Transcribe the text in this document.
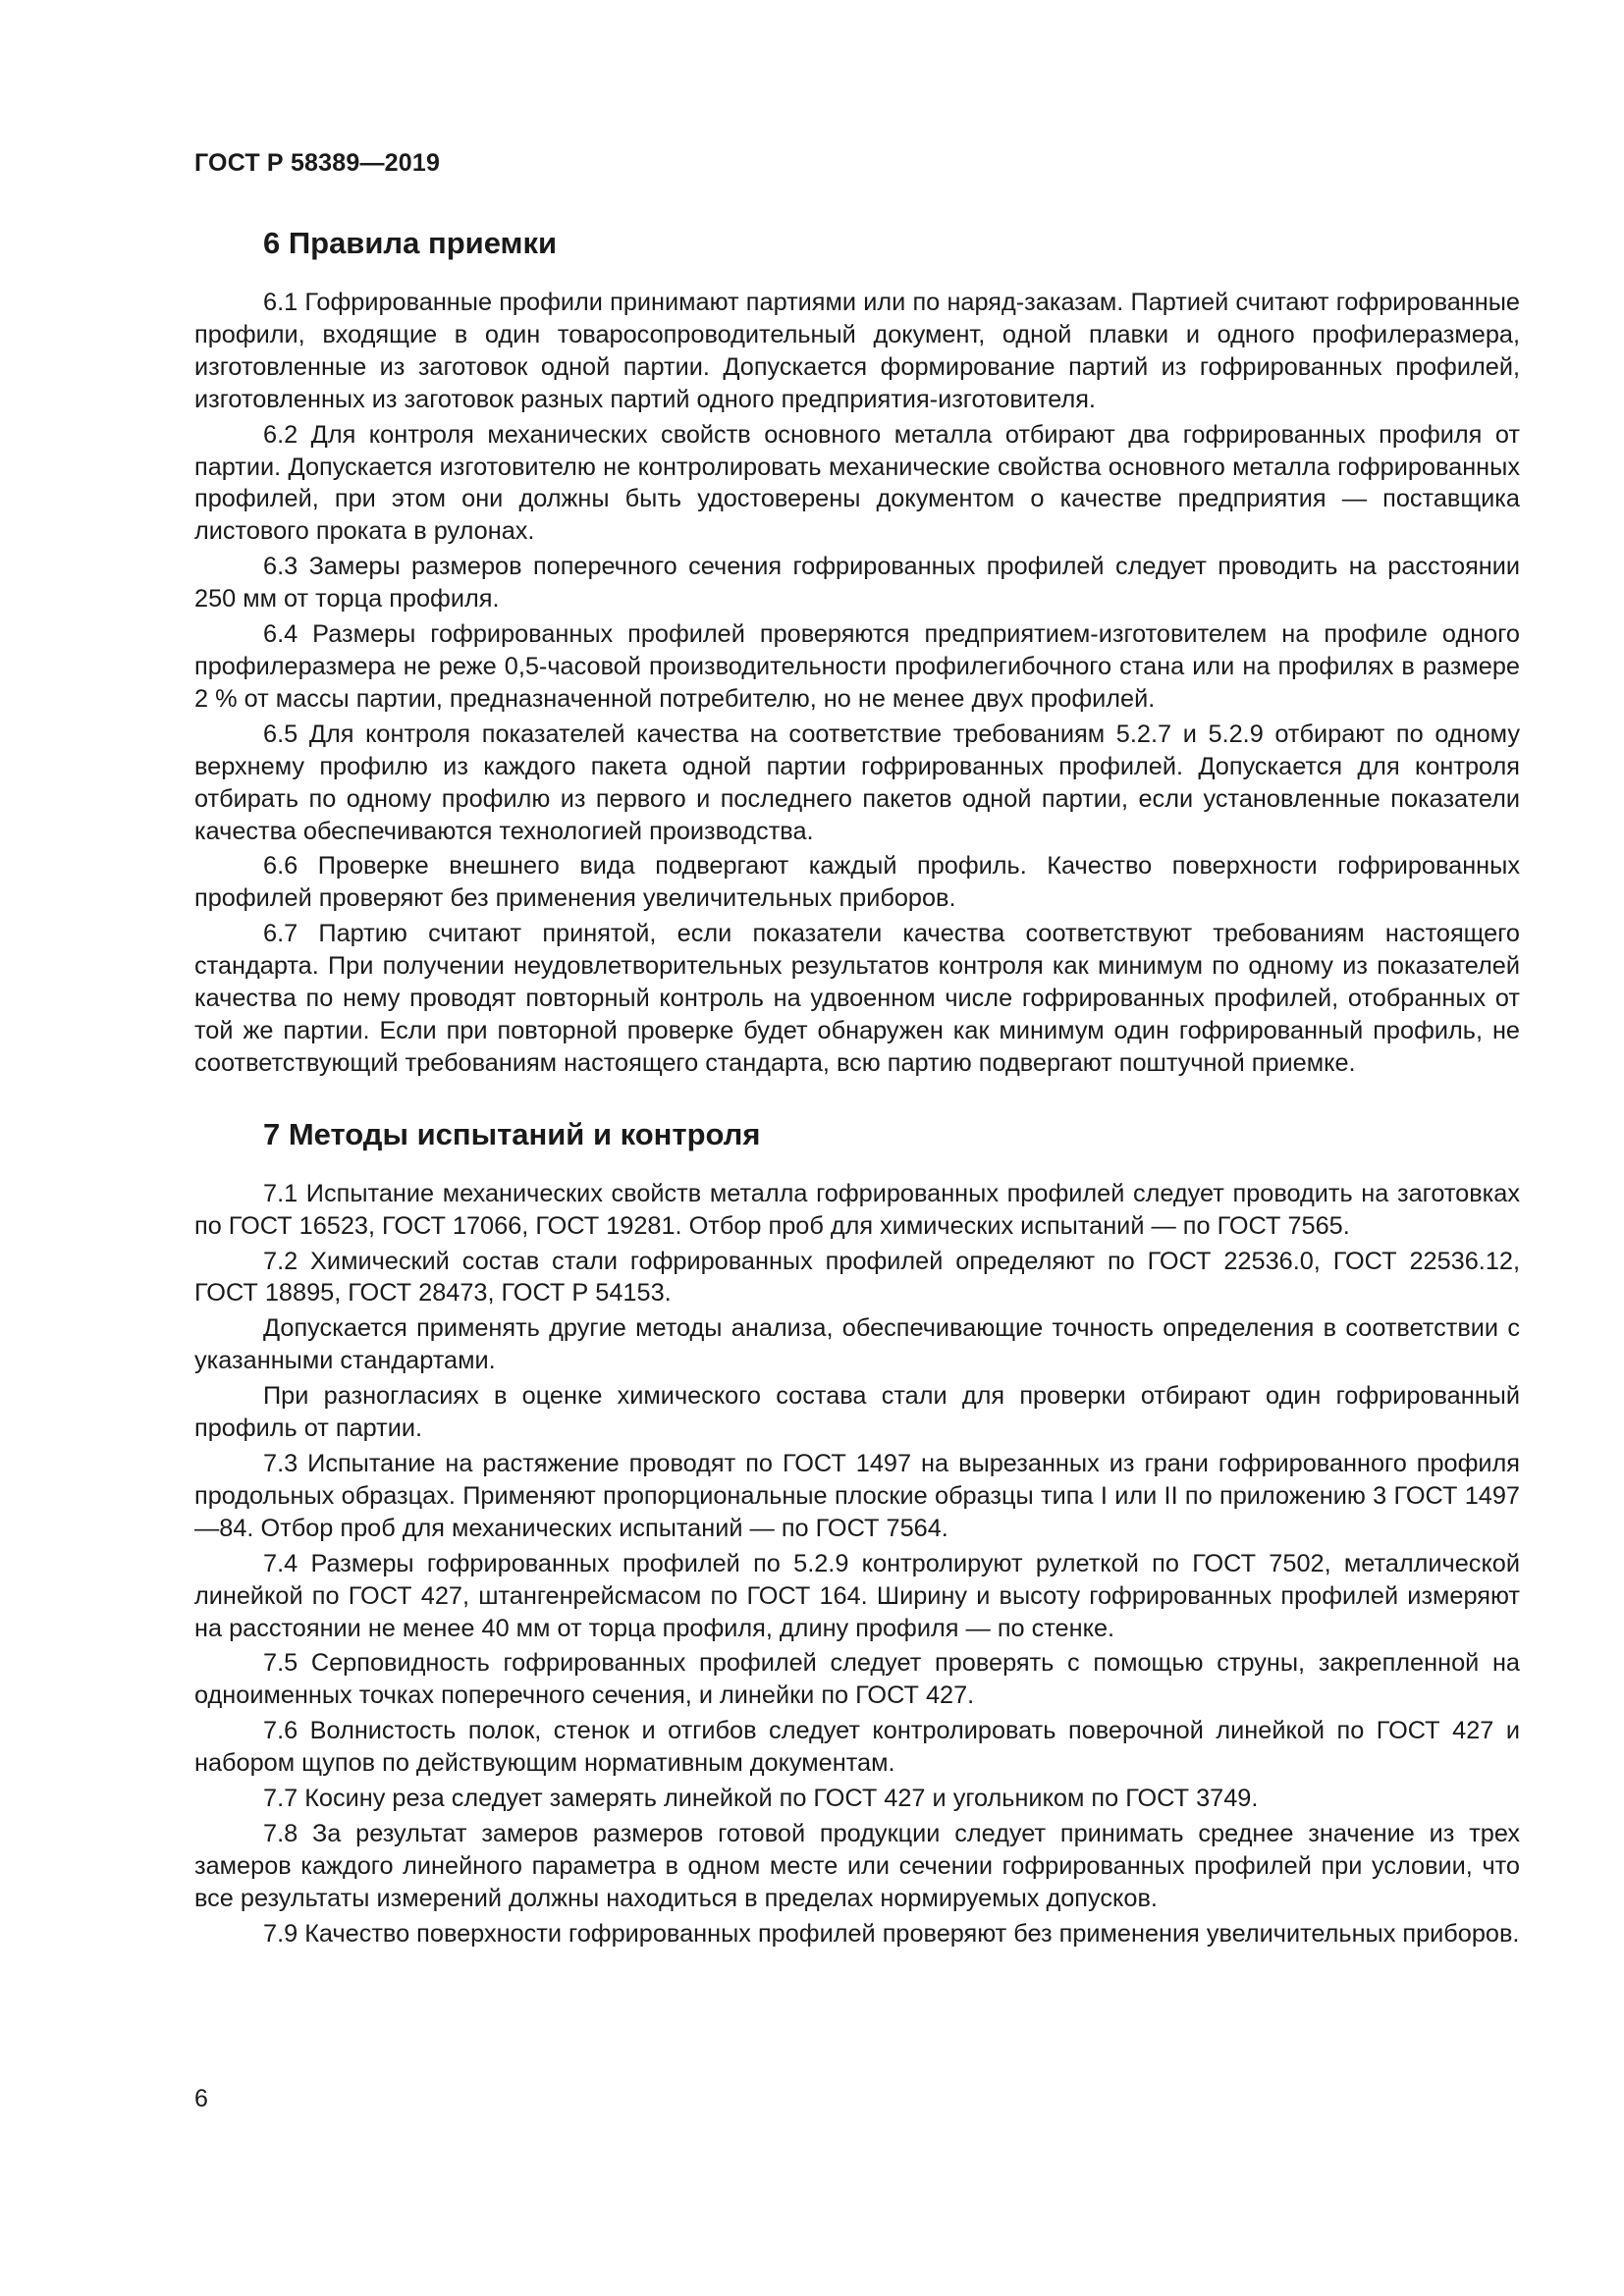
ГОСТ Р 58389—2019
6 Правила приемки

6.1 Гофрированные профили принимают партиями или по наряд-заказам. Партией считают гофрированные профили, входящие в один товаросопроводительный документ, одной плавки и одного профилеразмера, изготовленные из заготовок одной партии. Допускается формирование партий из гофрированных профилей, изготовленных из заготовок разных партий одного предприятия-изготовителя.

6.2 Для контроля механических свойств основного металла отбирают два гофрированных профиля от партии. Допускается изготовителю не контролировать механические свойства основного металла гофрированных профилей, при этом они должны быть удостоверены документом о качестве предприятия — поставщика листового проката в рулонах.

6.3 Замеры размеров поперечного сечения гофрированных профилей следует проводить на расстоянии 250 мм от торца профиля.

6.4 Размеры гофрированных профилей проверяются предприятием-изготовителем на профиле одного профилеразмера не реже 0,5-часовой производительности профилегибочного стана или на профилях в размере 2 % от массы партии, предназначенной потребителю, но не менее двух профилей.

6.5 Для контроля показателей качества на соответствие требованиям 5.2.7 и 5.2.9 отбирают по одному верхнему профилю из каждого пакета одной партии гофрированных профилей. Допускается для контроля отбирать по одному профилю из первого и последнего пакетов одной партии, если установленные показатели качества обеспечиваются технологией производства.

6.6 Проверке внешнего вида подвергают каждый профиль. Качество поверхности гофрированных профилей проверяют без применения увеличительных приборов.

6.7 Партию считают принятой, если показатели качества соответствуют требованиям настоящего стандарта. При получении неудовлетворительных результатов контроля как минимум по одному из показателей качества по нему проводят повторный контроль на удвоенном числе гофрированных профилей, отобранных от той же партии. Если при повторной проверке будет обнаружен как минимум один гофрированный профиль, не соответствующий требованиям настоящего стандарта, всю партию подвергают поштучной приемке.

7 Методы испытаний и контроля

7.1 Испытание механических свойств металла гофрированных профилей следует проводить на заготовках по ГОСТ 16523, ГОСТ 17066, ГОСТ 19281. Отбор проб для химических испытаний — по ГОСТ 7565.

7.2 Химический состав стали гофрированных профилей определяют по ГОСТ 22536.0, ГОСТ 22536.12, ГОСТ 18895, ГОСТ 28473, ГОСТ Р 54153.

Допускается применять другие методы анализа, обеспечивающие точность определения в соответствии с указанными стандартами.

При разногласиях в оценке химического состава стали для проверки отбирают один гофрированный профиль от партии.

7.3 Испытание на растяжение проводят по ГОСТ 1497 на вырезанных из грани гофрированного профиля продольных образцах. Применяют пропорциональные плоские образцы типа I или II по приложению 3 ГОСТ 1497—84. Отбор проб для механических испытаний — по ГОСТ 7564.

7.4 Размеры гофрированных профилей по 5.2.9 контролируют рулеткой по ГОСТ 7502, металлической линейкой по ГОСТ 427, штангенрейсмасом по ГОСТ 164. Ширину и высоту гофрированных профилей измеряют на расстоянии не менее 40 мм от торца профиля, длину профиля — по стенке.

7.5 Серповидность гофрированных профилей следует проверять с помощью струны, закрепленной на одноименных точках поперечного сечения, и линейки по ГОСТ 427.

7.6 Волнистость полок, стенок и отгибов следует контролировать поверочной линейкой по ГОСТ 427 и набором щупов по действующим нормативным документам.

7.7 Косину реза следует замерять линейкой по ГОСТ 427 и угольником по ГОСТ 3749.

7.8 За результат замеров размеров готовой продукции следует принимать среднее значение из трех замеров каждого линейного параметра в одном месте или сечении гофрированных профилей при условии, что все результаты измерений должны находиться в пределах нормируемых допусков.

7.9 Качество поверхности гофрированных профилей проверяют без применения увеличительных приборов.

6
